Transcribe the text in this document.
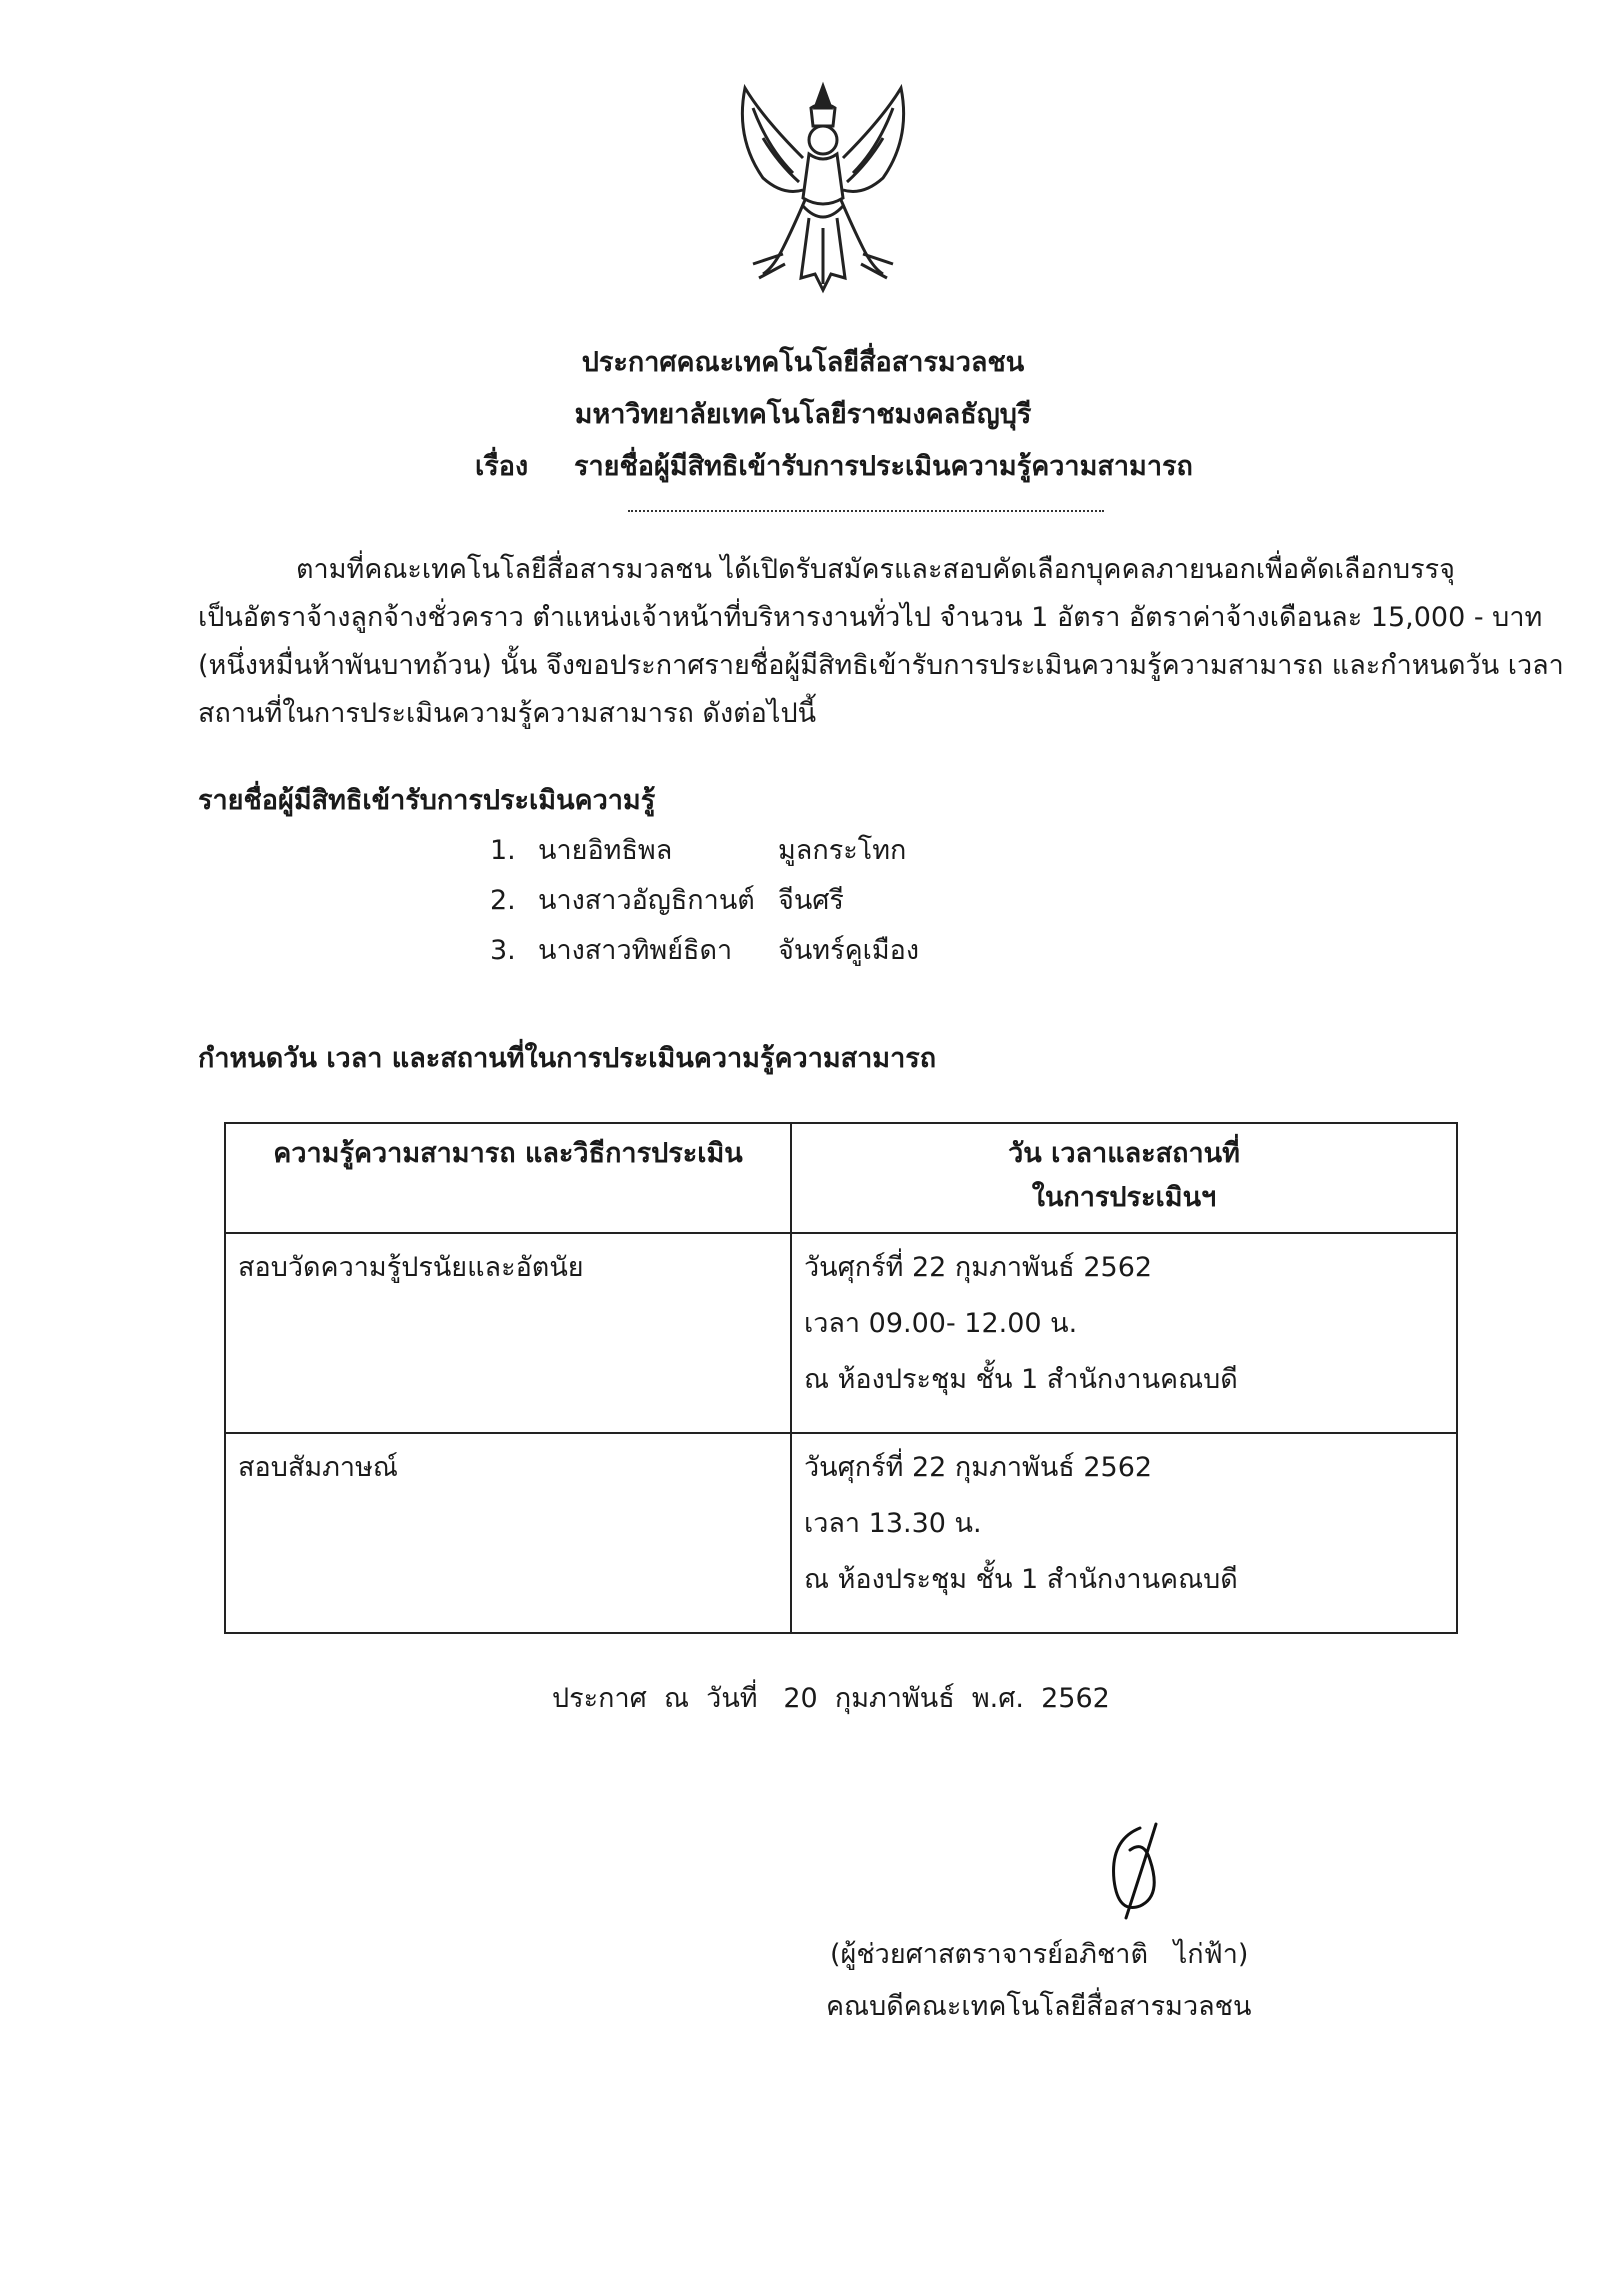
ประกาศคณะเทคโนโลยีสื่อสารมวลชน
มหาวิทยาลัยเทคโนโลยีราชมงคลธัญบุรี
เรื่อง รายชื่อผู้มีสิทธิเข้ารับการประเมินความรู้ความสามารถ
ตามที่คณะเทคโนโลยีสื่อสารมวลชน ได้เปิดรับสมัครและสอบคัดเลือกบุคคลภายนอกเพื่อคัดเลือกบรรจุ
เป็นอัตราจ้างลูกจ้างชั่วคราว ตำแหน่งเจ้าหน้าที่บริหารงานทั่วไป จำนวน 1 อัตรา อัตราค่าจ้างเดือนละ 15,000 - บาท
(หนึ่งหมื่นห้าพันบาทถ้วน) นั้น จึงขอประกาศรายชื่อผู้มีสิทธิเข้ารับการประเมินความรู้ความสามารถ และกำหนดวัน เวลา
สถานที่ในการประเมินความรู้ความสามารถ ดังต่อไปนี้
รายชื่อผู้มีสิทธิเข้ารับการประเมินความรู้
1. นายอิทธิพล	มูลกระโทก
2. นางสาวอัญธิกานต์ จีนศรี
3. นางสาวทิพย์ธิดา จันทร์คูเมือง
กำหนดวัน เวลา และสถานที่ในการประเมินความรู้ความสามารถ
ความรู้ความสามารถ และวิธีการประเมิน	วัน เวลาและสถานที่
ในการประเมินฯ

สอบวัดความรู้ปรนัยและอัตนัย	วันศุกร์ที่ 22 กุมภาพันธ์ 2562
เวลา 09.00- 12.00 น.
ณ ห้องประชุม ชั้น 1 สำนักงานคณบดี

สอบสัมภาษณ์	วันศุกร์ที่ 22 กุมภาพันธ์ 2562
เวลา 13.30 น.
ณ ห้องประชุม ชั้น 1 สำนักงานคณบดี
ประกาศ  ณ  วันที่   20  กุมภาพันธ์  พ.ศ.  2562
(ผู้ช่วยศาสตราจารย์อภิชาติ   ไก่ฟ้า)
คณบดีคณะเทคโนโลยีสื่อสารมวลชน
